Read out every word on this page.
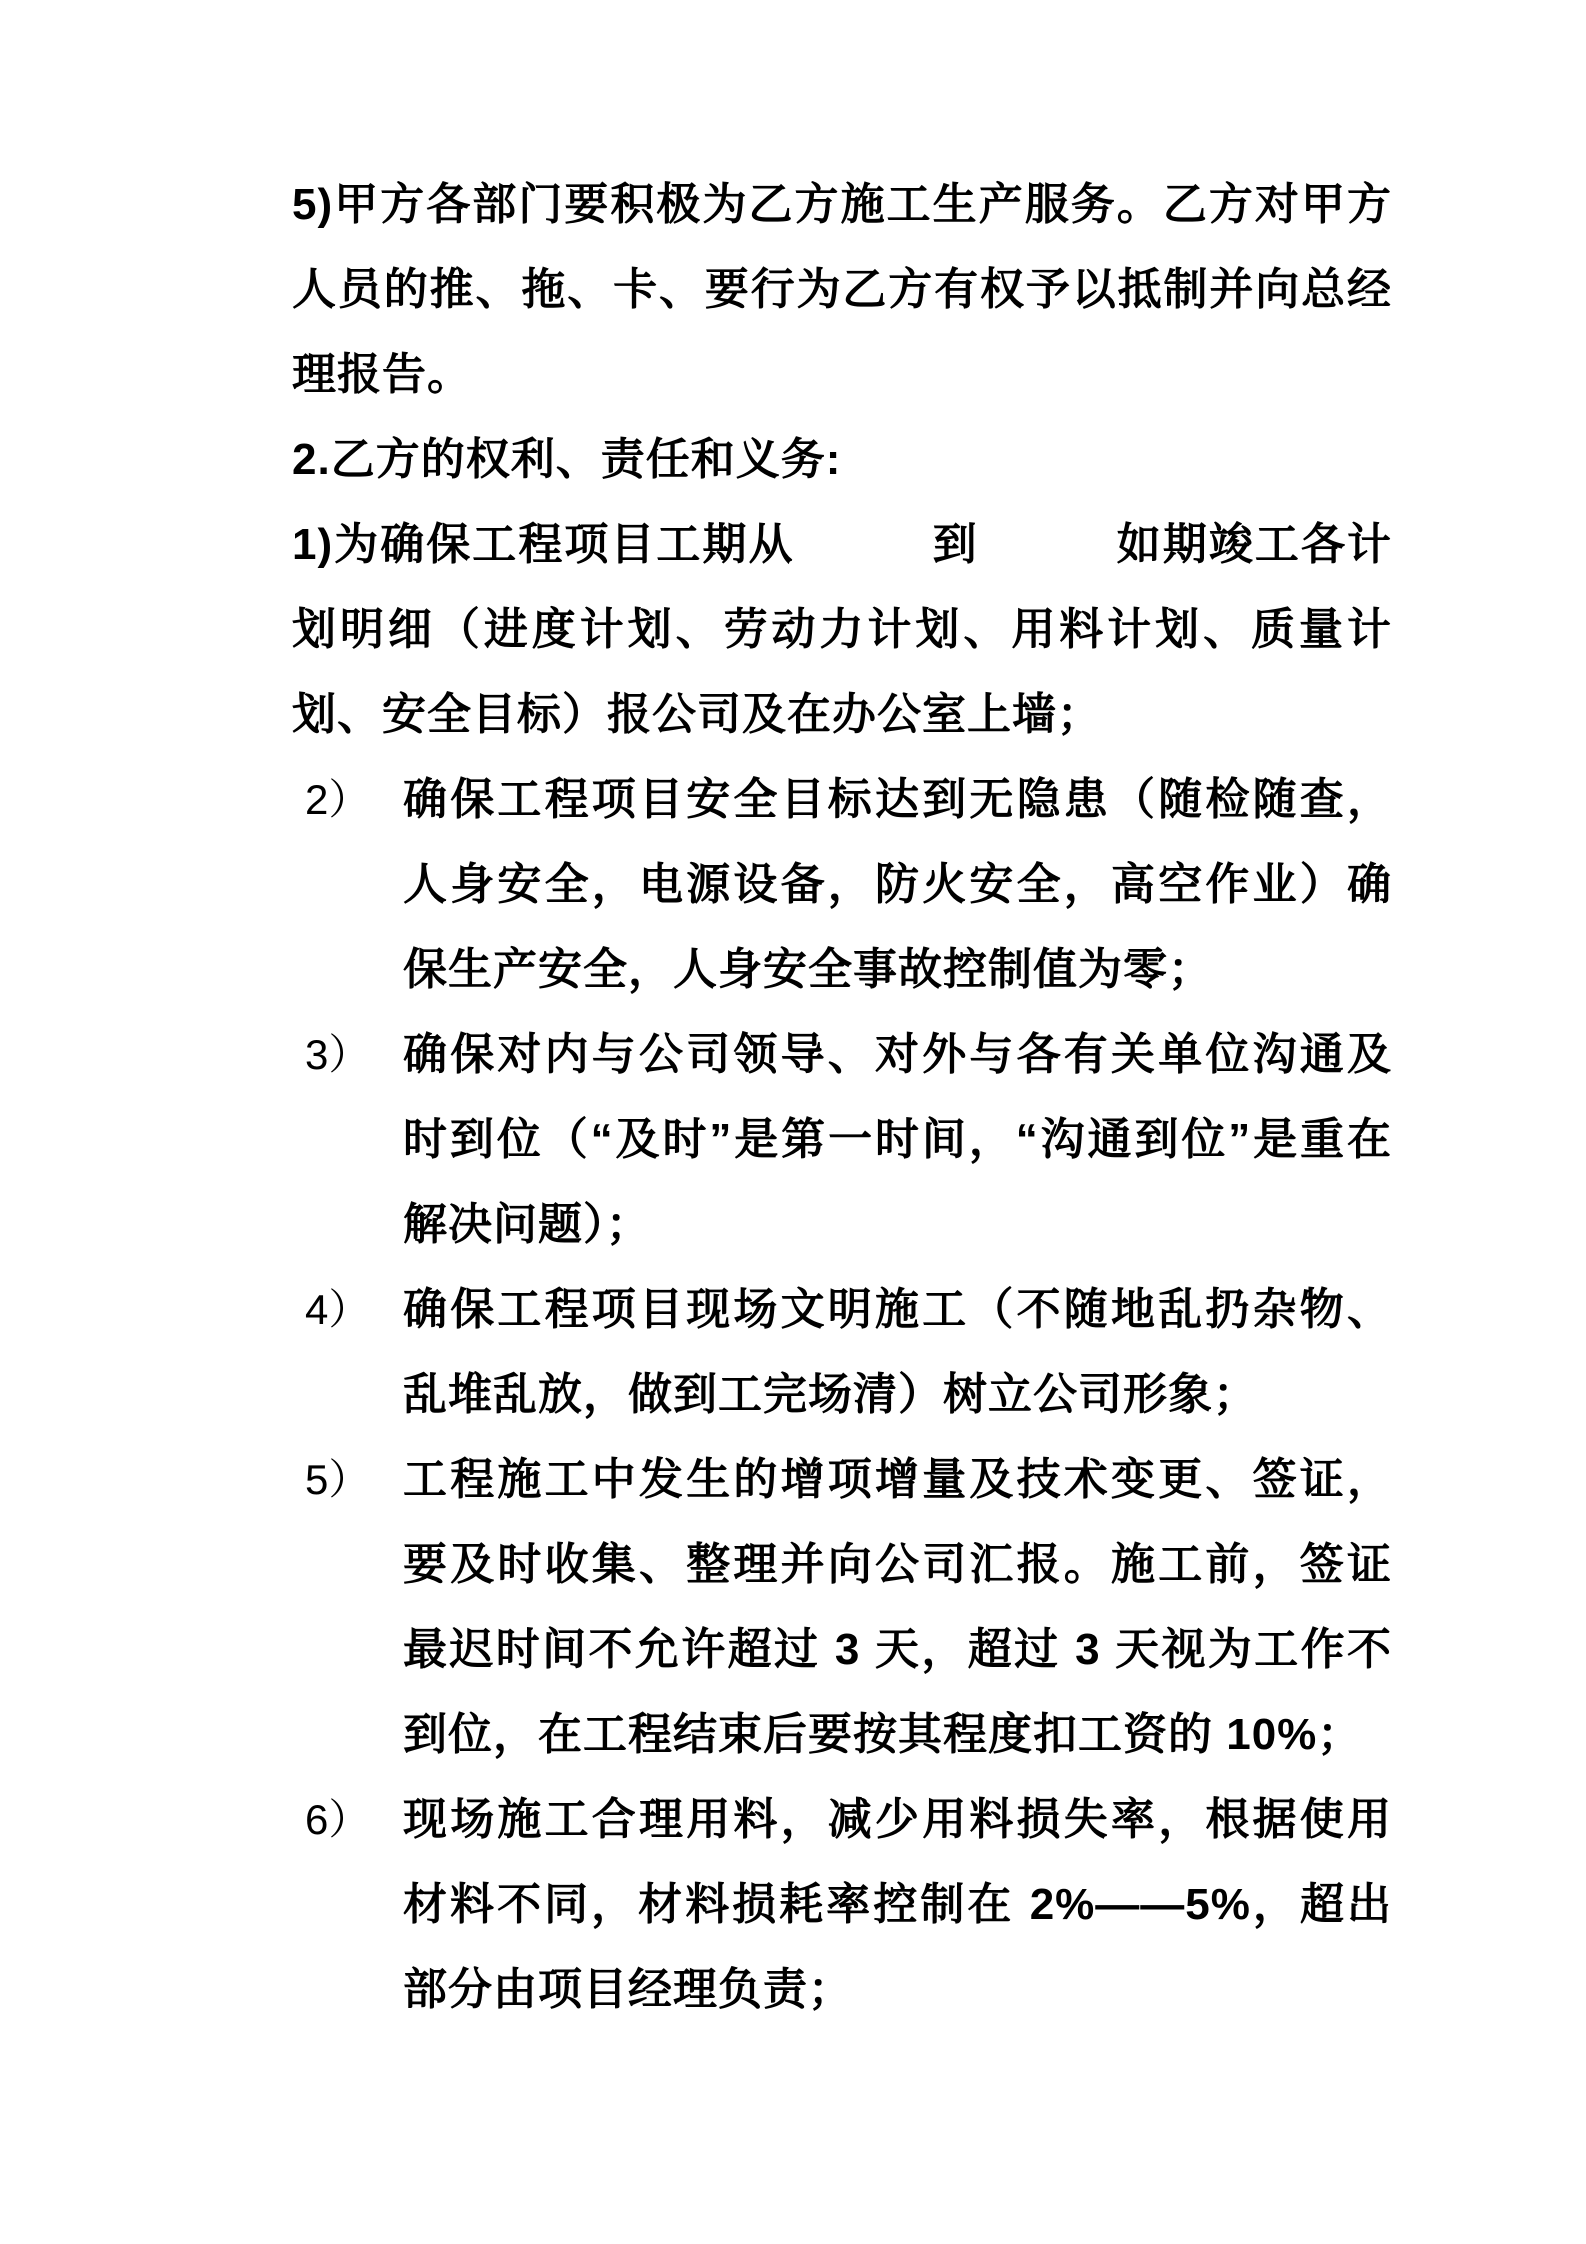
5)甲方各部门要积极为乙方施工生产服务。乙方对甲方人员的推、拖、卡、要行为乙方有权予以抵制并向总经理报告。

2.乙方的权利、责任和义务:

1)为确保工程项目工期从　　　到　　　如期竣工各计划明细（进度计划、劳动力计划、用料计划、质量计划、安全目标）报公司及在办公室上墙；

2） 确保工程项目安全目标达到无隐患（随检随查，人身安全，电源设备，防火安全，高空作业）确保生产安全，人身安全事故控制值为零；
3） 确保对内与公司领导、对外与各有关单位沟通及时到位（“及时”是第一时间，“沟通到位”是重在解决问题）；
4） 确保工程项目现场文明施工（不随地乱扔杂物、乱堆乱放，做到工完场清）树立公司形象；
5） 工程施工中发生的增项增量及技术变更、签证，要及时收集、整理并向公司汇报。施工前，签证最迟时间不允许超过 3 天，超过 3 天视为工作不到位，在工程结束后要按其程度扣工资的 10%；
6） 现场施工合理用料，减少用料损失率，根据使用材料不同，材料损耗率控制在 2%——5%，超出部分由项目经理负责；
